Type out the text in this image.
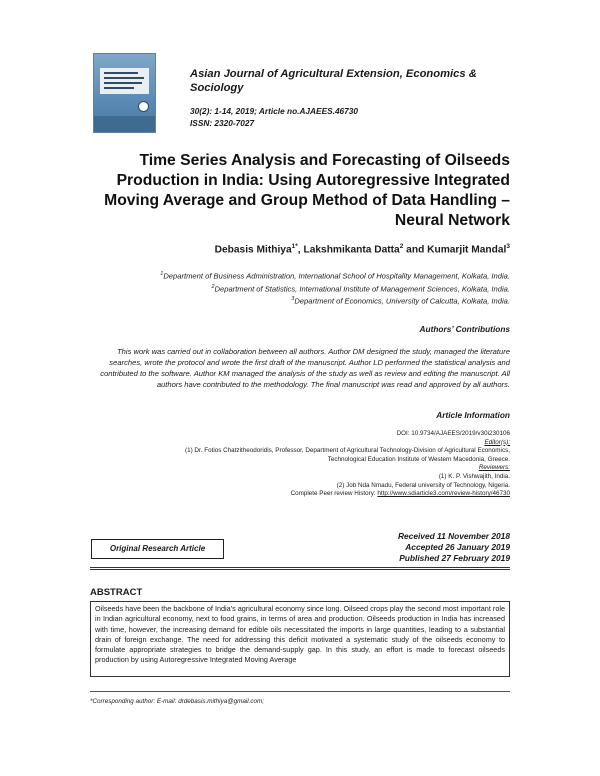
Asian Journal of Agricultural Extension, Economics & Sociology
30(2): 1-14, 2019; Article no.AJAEES.46730
ISSN: 2320-7027
Time Series Analysis and Forecasting of Oilseeds Production in India: Using Autoregressive Integrated Moving Average and Group Method of Data Handling – Neural Network
Debasis Mithiya$^{1*}$, Lakshmikanta Datta$^2$ and Kumarjit Mandal$^3$
$^1$Department of Business Administration, International School of Hospitality Management, Kolkata, India.
$^2$Department of Statistics, International Institute of Management Sciences, Kolkata, India.
$^3$Department of Economics, University of Calcutta, Kolkata, India.
Authors’ Contributions
This work was carried out in collaboration between all authors. Author DM designed the study, managed the literature searches, wrote the protocol and wrote the first draft of the manuscript. Author LD performed the statistical analysis and contributed to the software. Author KM managed the analysis of the study as well as review and editing the manuscript. All authors have contributed to the methodology. The final manuscript was read and approved by all authors.
Article Information
DOI: 10.9734/AJAEES/2019/v30i230106
Editor(s):
(1) Dr. Fotios Chatzitheodoridis, Professor, Department of Agricultural Technology-Division of Agricultural Economics,
Technological Education Institute of Western Macedonia, Greece.
Reviewers:
(1) K. P. Vishwajith, India.
(2) Job Nda Nmadu, Federal university of Technology, Nigeria.
Complete Peer review History: http://www.sdiarticle3.com/review-history/46730
Original Research Article
Received 11 November 2018
Accepted 26 January 2019
Published 27 February 2019
ABSTRACT
Oilseeds have been the backbone of India's agricultural economy since long. Oilseed crops play the second most important role in Indian agricultural economy, next to food grains, in terms of area and production. Oilseeds production in India has increased with time, however, the increasing demand for edible oils necessitated the imports in large quantities, leading to a substantial drain of foreign exchange. The need for addressing this deficit motivated a systematic study of the oilseeds economy to formulate appropriate strategies to bridge the demand-supply gap. In this study, an effort is made to forecast oilseeds production by using Autoregressive Integrated Moving Average
*Corresponding author: E-mail: drdebasis.mithiya@gmail.com;
